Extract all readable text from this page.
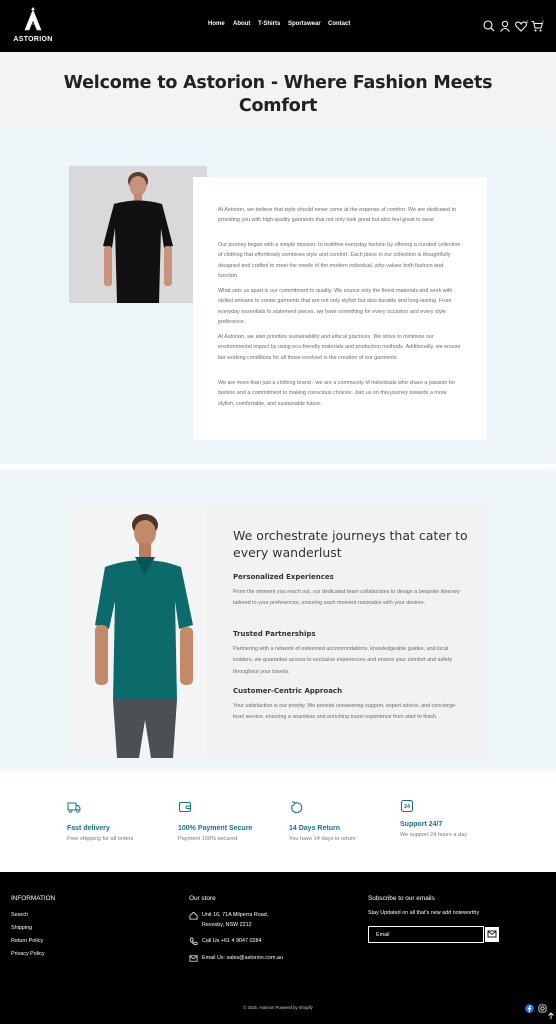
ASTORION
Home About T-Shirts Sportswear Contact	0	0
Welcome to Astorion - Where Fashion Meets Comfort

At Astorion, we believe that style should never come at the expense of comfort. We are dedicated to providing you with high-quality garments that not only look great but also feel great to wear.

Our journey began with a simple mission: to redefine everyday fashion by offering a curated collection of clothing that effortlessly combines style and comfort. Each piece in our collection is thoughtfully designed and crafted to meet the needs of the modern individual, who values both fashion and function.

What sets us apart is our commitment to quality. We source only the finest materials and work with skilled artisans to create garments that are not only stylish but also durable and long-lasting. From everyday essentials to statement pieces, we have something for every occasion and every style preference.

At Astorion, we also prioritize sustainability and ethical practices. We strive to minimize our environmental impact by using eco-friendly materials and production methods. Additionally, we ensure fair working conditions for all those involved in the creation of our garments.

We are more than just a clothing brand - we are a community of individuals who share a passion for fashion and a commitment to making conscious choices. Join us on this journey towards a more stylish, comfortable, and sustainable future.

We orchestrate journeys that cater to every wanderlust
Personalized Experiences

From the moment you reach out, our dedicated team collaborates to design a bespoke itinerary tailored to your preferences, ensuring each moment resonates with your desires.

Trusted Partnerships

Partnering with a network of esteemed accommodations, knowledgeable guides, and local insiders, we guarantee access to exclusive experiences and ensure your comfort and safety throughout your travels.

Customer-Centric Approach

Your satisfaction is our priority. We provide unwavering support, expert advice, and concierge-level service, ensuring a seamless and enriching travel experience from start to finish.

Fast delivery
Free shipping for all orders
100% Payment Secure
Payment 100% secured
14 Days Return
You have 14 days to return
24
Support 24/7
We support 24 hours a day
INFORMATION
Search
Shipping
Return Policy
Privacy Policy
Our store
Unit 16, 71A Milperra Road,
Revesby, NSW 2212
Call Us +61 4 9047 0284
Email Us: sales@astorion.com.au
Subscribe to our emails
Stay Updated on all that's new add noteworthy
Email
© 2025, Astorion Powered by Shopify
